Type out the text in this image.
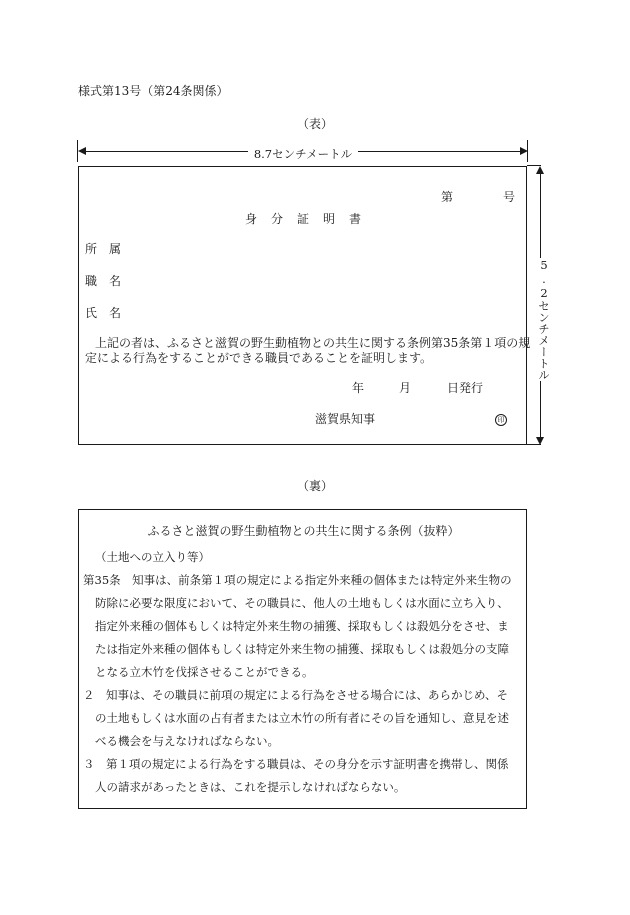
様式第13号（第24条関係）
（表）
8.7センチメートル
第	号
身　分　証　明　書
所　属
職　名
氏　名
上記の者は、ふるさと滋賀の野生動植物との共生に関する条例第35条第１項の規
定による行為をすることができる職員であることを証明します。
年	月	日発行
滋賀県知事	印
5.2センチメートル
（裏）
ふるさと滋賀の野生動植物との共生に関する条例（抜粋）
（土地への立入り等）
第35条　知事は、前条第１項の規定による指定外来種の個体または特定外来生物の
防除に必要な限度において、その職員に、他人の土地もしくは水面に立ち入り、
指定外来種の個体もしくは特定外来生物の捕獲、採取もしくは殺処分をさせ、ま
たは指定外来種の個体もしくは特定外来生物の捕獲、採取もしくは殺処分の支障
となる立木竹を伐採させることができる。
２　知事は、その職員に前項の規定による行為をさせる場合には、あらかじめ、そ
の土地もしくは水面の占有者または立木竹の所有者にその旨を通知し、意見を述
べる機会を与えなければならない。
３　第１項の規定による行為をする職員は、その身分を示す証明書を携帯し、関係
人の請求があったときは、これを提示しなければならない。
